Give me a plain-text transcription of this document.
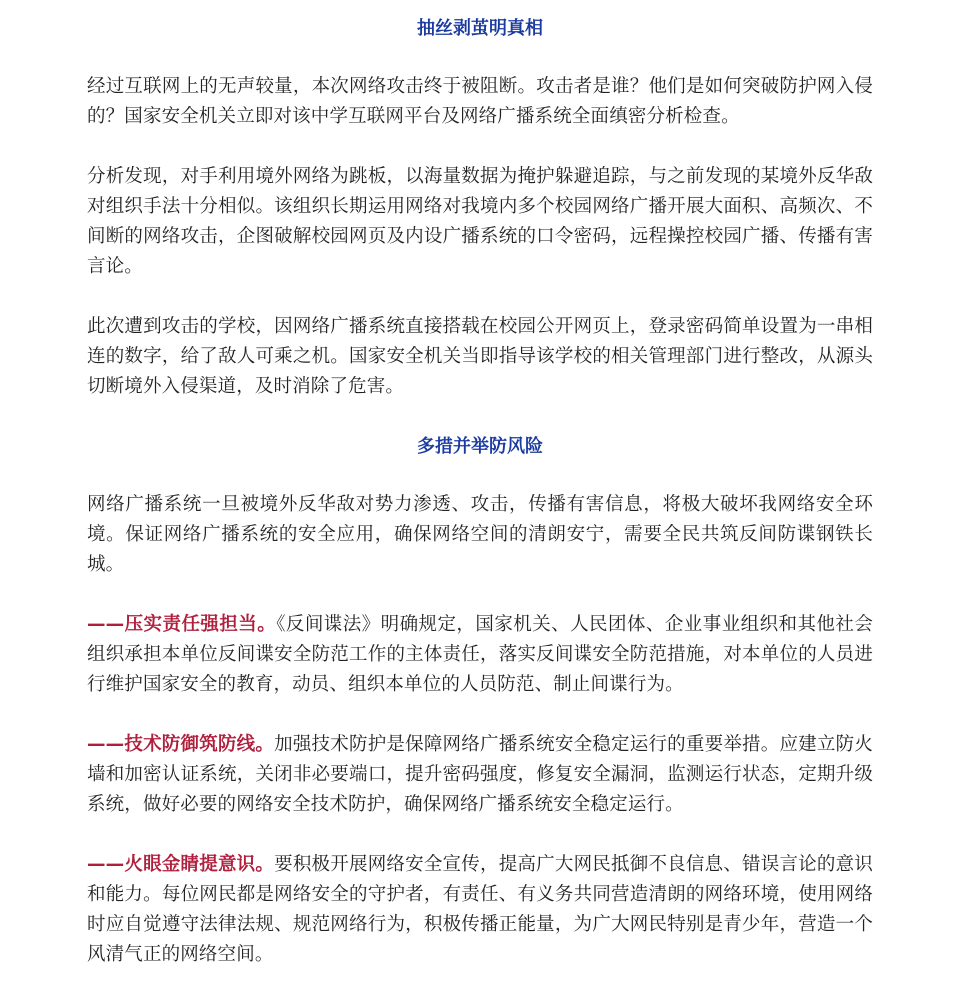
抽丝剥茧明真相

经过互联网上的无声较量，本次网络攻击终于被阻断。攻击者是谁？他们是如何突破防护网入侵的？国家安全机关立即对该中学互联网平台及网络广播系统全面缜密分析检查。

分析发现，对手利用境外网络为跳板，以海量数据为掩护躲避追踪，与之前发现的某境外反华敌对组织手法十分相似。该组织长期运用网络对我境内多个校园网络广播开展大面积、高频次、不间断的网络攻击，企图破解校园网页及内设广播系统的口令密码，远程操控校园广播、传播有害言论。

此次遭到攻击的学校，因网络广播系统直接搭载在校园公开网页上，登录密码简单设置为一串相连的数字，给了敌人可乘之机。国家安全机关当即指导该学校的相关管理部门进行整改，从源头切断境外入侵渠道，及时消除了危害。

多措并举防风险

网络广播系统一旦被境外反华敌对势力渗透、攻击，传播有害信息，将极大破坏我网络安全环境。保证网络广播系统的安全应用，确保网络空间的清朗安宁，需要全民共筑反间防谍钢铁长城。

——压实责任强担当。《反间谍法》明确规定，国家机关、人民团体、企业事业组织和其他社会组织承担本单位反间谍安全防范工作的主体责任，落实反间谍安全防范措施，对本单位的人员进行维护国家安全的教育，动员、组织本单位的人员防范、制止间谍行为。

——技术防御筑防线。加强技术防护是保障网络广播系统安全稳定运行的重要举措。应建立防火墙和加密认证系统，关闭非必要端口，提升密码强度，修复安全漏洞，监测运行状态，定期升级系统，做好必要的网络安全技术防护，确保网络广播系统安全稳定运行。

——火眼金睛提意识。要积极开展网络安全宣传，提高广大网民抵御不良信息、错误言论的意识和能力。每位网民都是网络安全的守护者，有责任、有义务共同营造清朗的网络环境，使用网络时应自觉遵守法律法规、规范网络行为，积极传播正能量，为广大网民特别是青少年，营造一个风清气正的网络空间。
